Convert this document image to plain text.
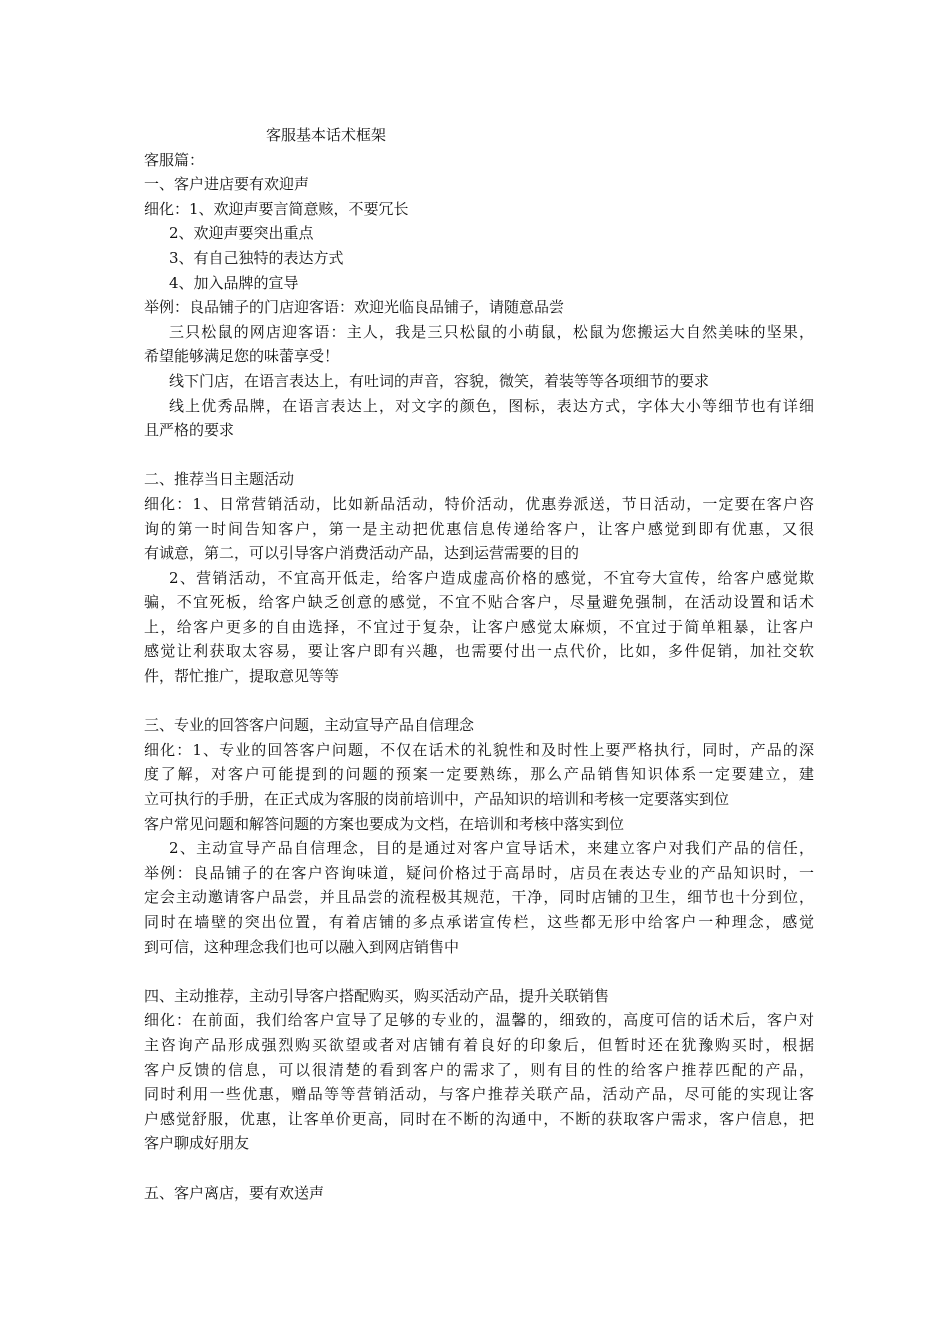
客服基本话术框架
客服篇：
一、客户进店要有欢迎声
细化：1、欢迎声要言简意赅，不要冗长
2、欢迎声要突出重点
3、有自己独特的表达方式
4、加入品牌的宣导
举例：良品铺子的门店迎客语：欢迎光临良品铺子，请随意品尝
三只松鼠的网店迎客语：主人，我是三只松鼠的小萌鼠，松鼠为您搬运大自然美味的坚果，
希望能够满足您的味蕾享受！
线下门店，在语言表达上，有吐词的声音，容貌，微笑，着装等等各项细节的要求
线上优秀品牌，在语言表达上，对文字的颜色，图标，表达方式，字体大小等细节也有详细
且严格的要求
二、推荐当日主题活动
细化：1、日常营销活动，比如新品活动，特价活动，优惠券派送，节日活动，一定要在客户咨
询的第一时间告知客户，第一是主动把优惠信息传递给客户，让客户感觉到即有优惠，又很
有诚意，第二，可以引导客户消费活动产品，达到运营需要的目的
2、营销活动，不宜高开低走，给客户造成虚高价格的感觉，不宜夸大宣传，给客户感觉欺
骗，不宜死板，给客户缺乏创意的感觉，不宜不贴合客户，尽量避免强制，在活动设置和话术
上，给客户更多的自由选择，不宜过于复杂，让客户感觉太麻烦，不宜过于简单粗暴，让客户
感觉让利获取太容易，要让客户即有兴趣，也需要付出一点代价，比如，多件促销，加社交软
件，帮忙推广，提取意见等等
三、专业的回答客户问题，主动宣导产品自信理念
细化：1、专业的回答客户问题，不仅在话术的礼貌性和及时性上要严格执行，同时，产品的深
度了解，对客户可能提到的问题的预案一定要熟练，那么产品销售知识体系一定要建立，建
立可执行的手册，在正式成为客服的岗前培训中，产品知识的培训和考核一定要落实到位
客户常见问题和解答问题的方案也要成为文档，在培训和考核中落实到位
2、主动宣导产品自信理念，目的是通过对客户宣导话术，来建立客户对我们产品的信任，
举例：良品铺子的在客户咨询味道，疑问价格过于高昂时，店员在表达专业的产品知识时，一
定会主动邀请客户品尝，并且品尝的流程极其规范，干净，同时店铺的卫生，细节也十分到位，
同时在墙壁的突出位置，有着店铺的多点承诺宣传栏，这些都无形中给客户一种理念，感觉
到可信，这种理念我们也可以融入到网店销售中
四、主动推荐，主动引导客户搭配购买，购买活动产品，提升关联销售
细化：在前面，我们给客户宣导了足够的专业的，温馨的，细致的，高度可信的话术后，客户对
主咨询产品形成强烈购买欲望或者对店铺有着良好的印象后，但暂时还在犹豫购买时，根据
客户反馈的信息，可以很清楚的看到客户的需求了，则有目的性的给客户推荐匹配的产品，
同时利用一些优惠，赠品等等营销活动，与客户推荐关联产品，活动产品，尽可能的实现让客
户感觉舒服，优惠，让客单价更高，同时在不断的沟通中，不断的获取客户需求，客户信息，把
客户聊成好朋友
五、客户离店，要有欢送声
